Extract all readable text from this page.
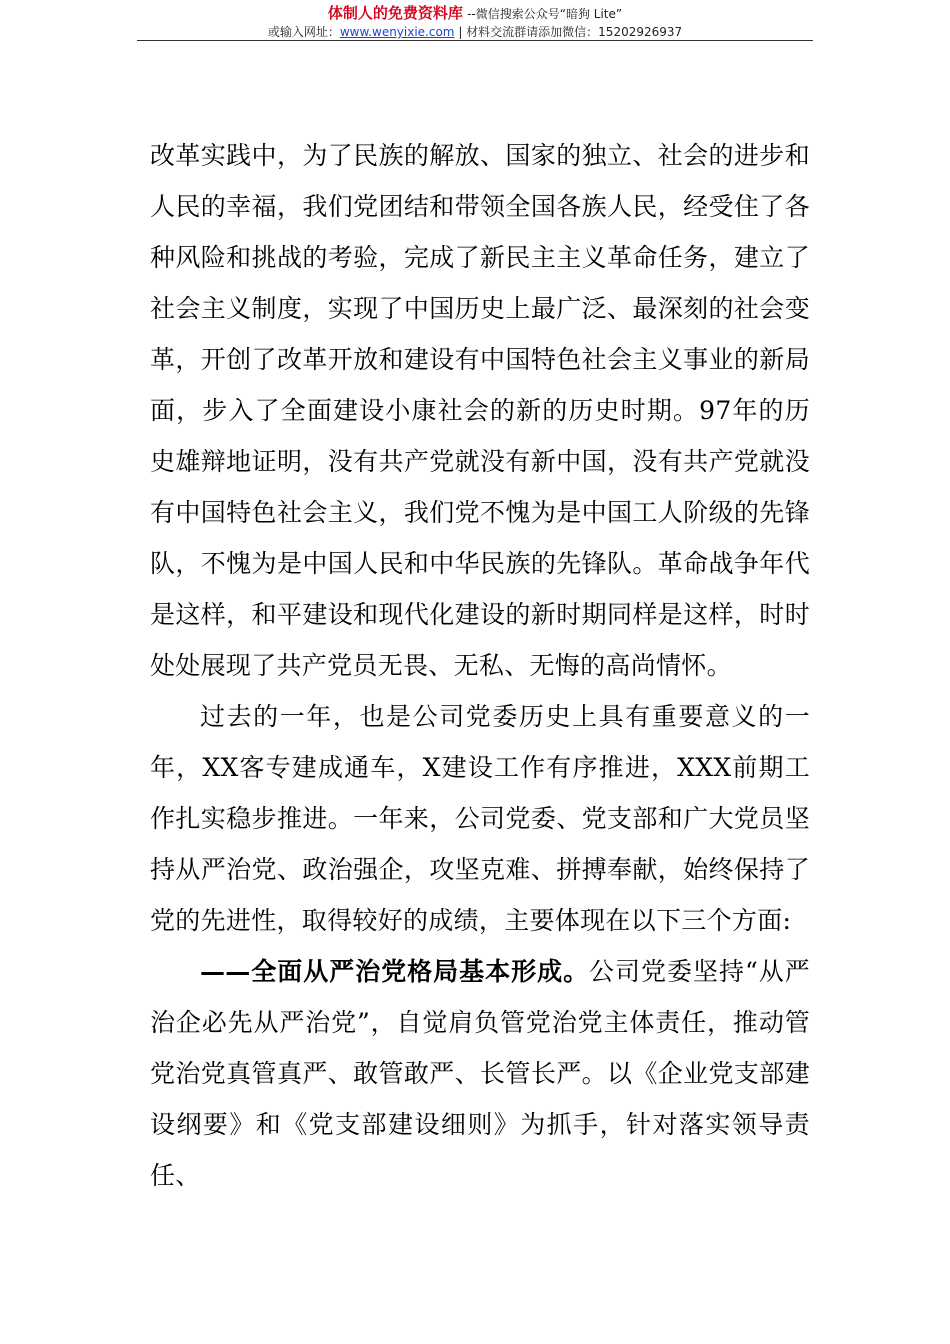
体制人的免费资料库 --微信搜索公众号“暗狗 Lite”
或输入网址：www.wenyixie.com | 材料交流群请添加微信：15202926937

改革实践中，为了民族的解放、国家的独立、社会的进步和人民的幸福，我们党团结和带领全国各族人民，经受住了各种风险和挑战的考验，完成了新民主主义革命任务，建立了社会主义制度，实现了中国历史上最广泛、最深刻的社会变革，开创了改革开放和建设有中国特色社会主义事业的新局面，步入了全面建设小康社会的新的历史时期。97年的历史雄辩地证明，没有共产党就没有新中国，没有共产党就没有中国特色社会主义，我们党不愧为是中国工人阶级的先锋队，不愧为是中国人民和中华民族的先锋队。革命战争年代是这样，和平建设和现代化建设的新时期同样是这样，时时处处展现了共产党员无畏、无私、无悔的高尚情怀。

过去的一年，也是公司党委历史上具有重要意义的一年，XX客专建成通车，X建设工作有序推进，XXX前期工作扎实稳步推进。一年来，公司党委、党支部和广大党员坚持从严治党、政治强企，攻坚克难、拼搏奉献，始终保持了党的先进性，取得较好的成绩，主要体现在以下三个方面:

——全面从严治党格局基本形成。公司党委坚持“从严治企必先从严治党”，自觉肩负管党治党主体责任，推动管党治党真管真严、敢管敢严、长管长严。以《企业党支部建设纲要》和《党支部建设细则》为抓手，针对落实领导责任、
